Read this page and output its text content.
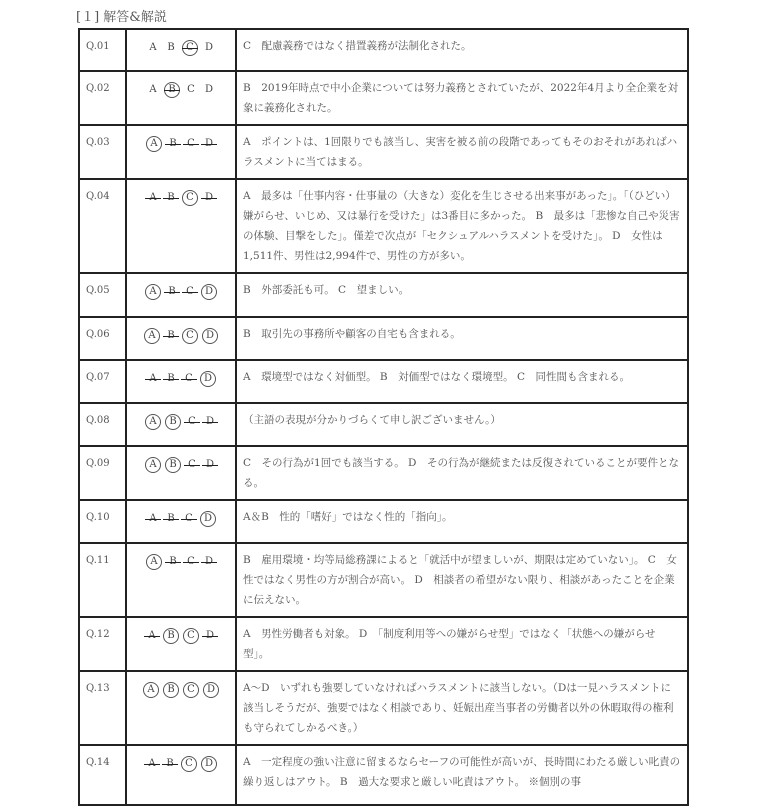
[１] 解答&解説
Q.01	A B C D	C　配慮義務ではなく措置義務が法制化された。
Q.02	A B C D	B　2019年時点で中小企業については努力義務とされていたが、2022年4月より全企業を対象に義務化された。
Q.03	A B C D	A　ポイントは、1回限りでも該当し、実害を被る前の段階であってもそのおそれがあればハラスメントに当てはまる。
Q.04	A B C D	A　最多は「仕事内容・仕事量の（大きな）変化を生じさせる出来事があった」。「（ひどい）嫌がらせ、いじめ、又は暴行を受けた」は3番目に多かった。 B　最多は「悲惨な自己や災害の体験、目撃をした」。僅差で次点が「セクシュアルハラスメントを受けた」。 D　女性は1,511件、男性は2,994件で、男性の方が多い。
Q.05	A B C D	B　外部委託も可。 C　望ましい。
Q.06	A B C D	B　取引先の事務所や顧客の自宅も含まれる。
Q.07	A B C D	A　環境型ではなく対価型。 B　対価型ではなく環境型。 C　同性間も含まれる。
Q.08	A B C D	（主語の表現が分かりづらくて申し訳ございません。）
Q.09	A B C D	C　その行為が1回でも該当する。 D　その行為が継続または反復されていることが要件となる。
Q.10	A B C D	A＆B　性的「嗜好」ではなく性的「指向」。
Q.11	A B C D	B　雇用環境・均等局総務課によると「就活中が望ましいが、期限は定めていない」。 C　女性ではなく男性の方が割合が高い。 D　相談者の希望がない限り、相談があったことを企業に伝えない。
Q.12	A B C D	A　男性労働者も対象。 D　「制度利用等への嫌がらせ型」ではなく「状態への嫌がらせ型」。
Q.13	A B C D	A〜D　いずれも強要していなければハラスメントに該当しない。（Dは一見ハラスメントに該当しそうだが、強要ではなく相談であり、妊娠出産当事者の労働者以外の休暇取得の権利も守られてしかるべき。）
Q.14	A B C D	A　一定程度の強い注意に留まるならセーフの可能性が高いが、長時間にわたる厳しい叱責の繰り返しはアウト。 B　過大な要求と厳しい叱責はアウト。 ※個別の事
